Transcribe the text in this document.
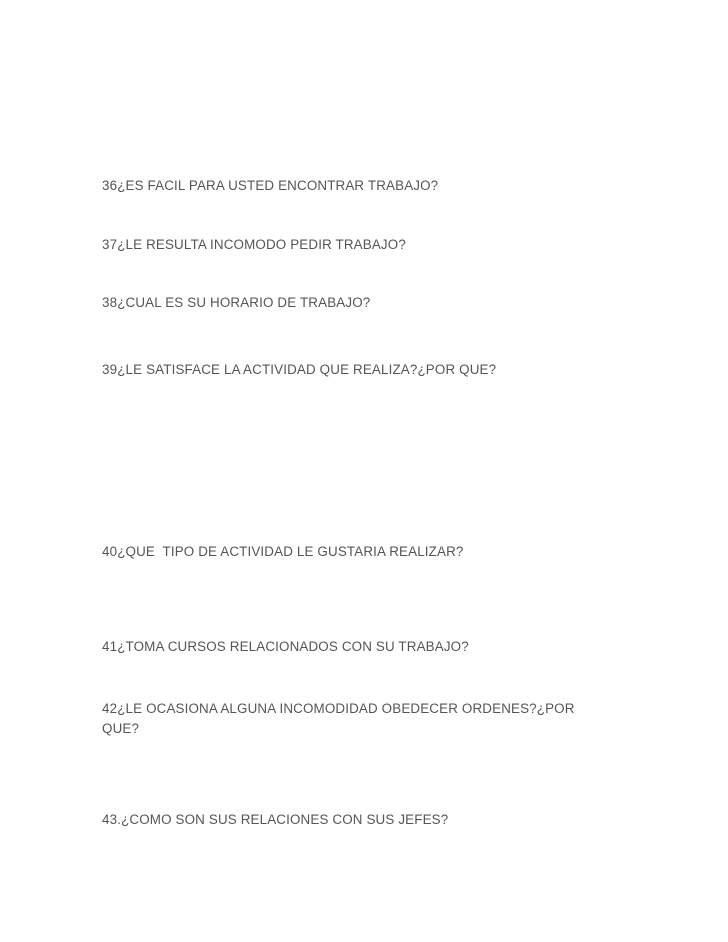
36¿ES FACIL PARA USTED ENCONTRAR TRABAJO?

37¿LE RESULTA INCOMODO PEDIR TRABAJO?

38¿CUAL ES SU HORARIO DE TRABAJO?

39¿LE SATISFACE LA ACTIVIDAD QUE REALIZA?¿POR QUE?

40¿QUE  TIPO DE ACTIVIDAD LE GUSTARIA REALIZAR?

41¿TOMA CURSOS RELACIONADOS CON SU TRABAJO?

42¿LE OCASIONA ALGUNA INCOMODIDAD OBEDECER ORDENES?¿POR QUE?

43.¿COMO SON SUS RELACIONES CON SUS JEFES?
